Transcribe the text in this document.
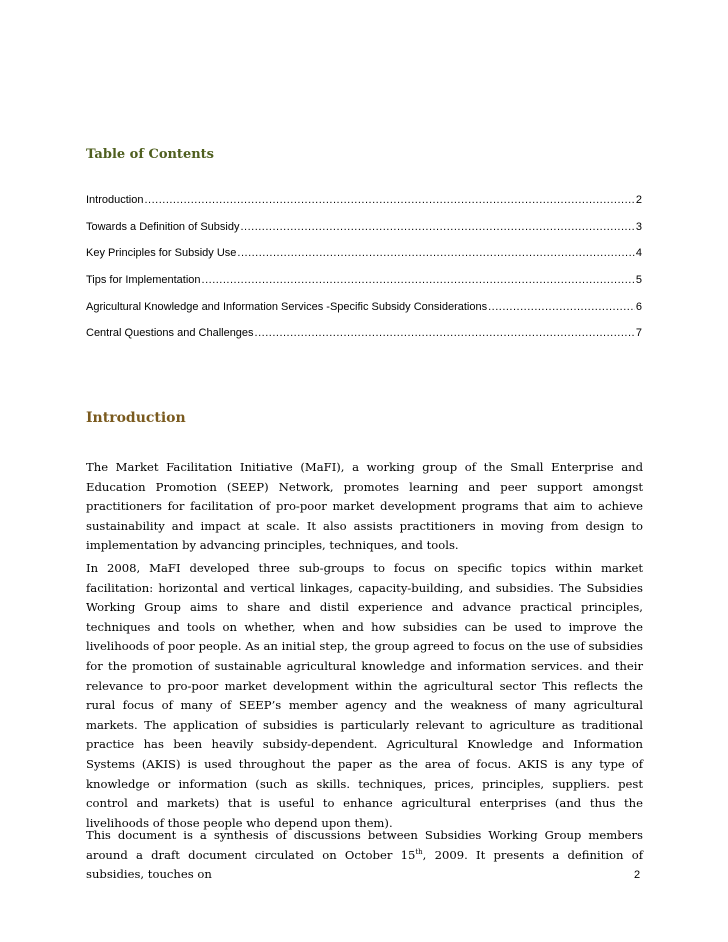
Table of Contents
Introduction .....	2
Towards a Definition of Subsidy .....	3
Key Principles for Subsidy Use .....	4
Tips for Implementation .....	5
Agricultural Knowledge and Information Services -Specific Subsidy Considerations .....	6
Central Questions and Challenges .....	7
Introduction

The Market Facilitation Initiative (MaFI), a working group of the Small Enterprise and Education Promotion (SEEP) Network, promotes learning and peer support amongst practitioners for facilitation of pro-poor market development programs that aim to achieve sustainability and impact at scale. It also assists practitioners in moving from design to implementation by advancing principles, techniques, and tools.

In 2008, MaFI developed three sub-groups to focus on specific topics within market facilitation: horizontal and vertical linkages, capacity-building, and subsidies. The Subsidies Working Group aims to share and distil experience and advance practical principles, techniques and tools on whether, when and how subsidies can be used to improve the livelihoods of poor people. As an initial step, the group agreed to focus on the use of subsidies for the promotion of sustainable agricultural knowledge and information services. and their relevance to pro-poor market development within the agricultural sector This reflects the rural focus of many of SEEP’s member agency and the weakness of many agricultural markets. The application of subsidies is particularly relevant to agriculture as traditional practice has been heavily subsidy-dependent. Agricultural Knowledge and Information Systems (AKIS) is used throughout the paper as the area of focus. AKIS is any type of knowledge or information (such as skills. techniques, prices, principles, suppliers. pest control and markets) that is useful to enhance agricultural enterprises (and thus the livelihoods of those people who depend upon them).

This document is a synthesis of discussions between Subsidies Working Group members around a draft document circulated on October 15th, 2009. It presents a definition of subsidies, touches on	2
